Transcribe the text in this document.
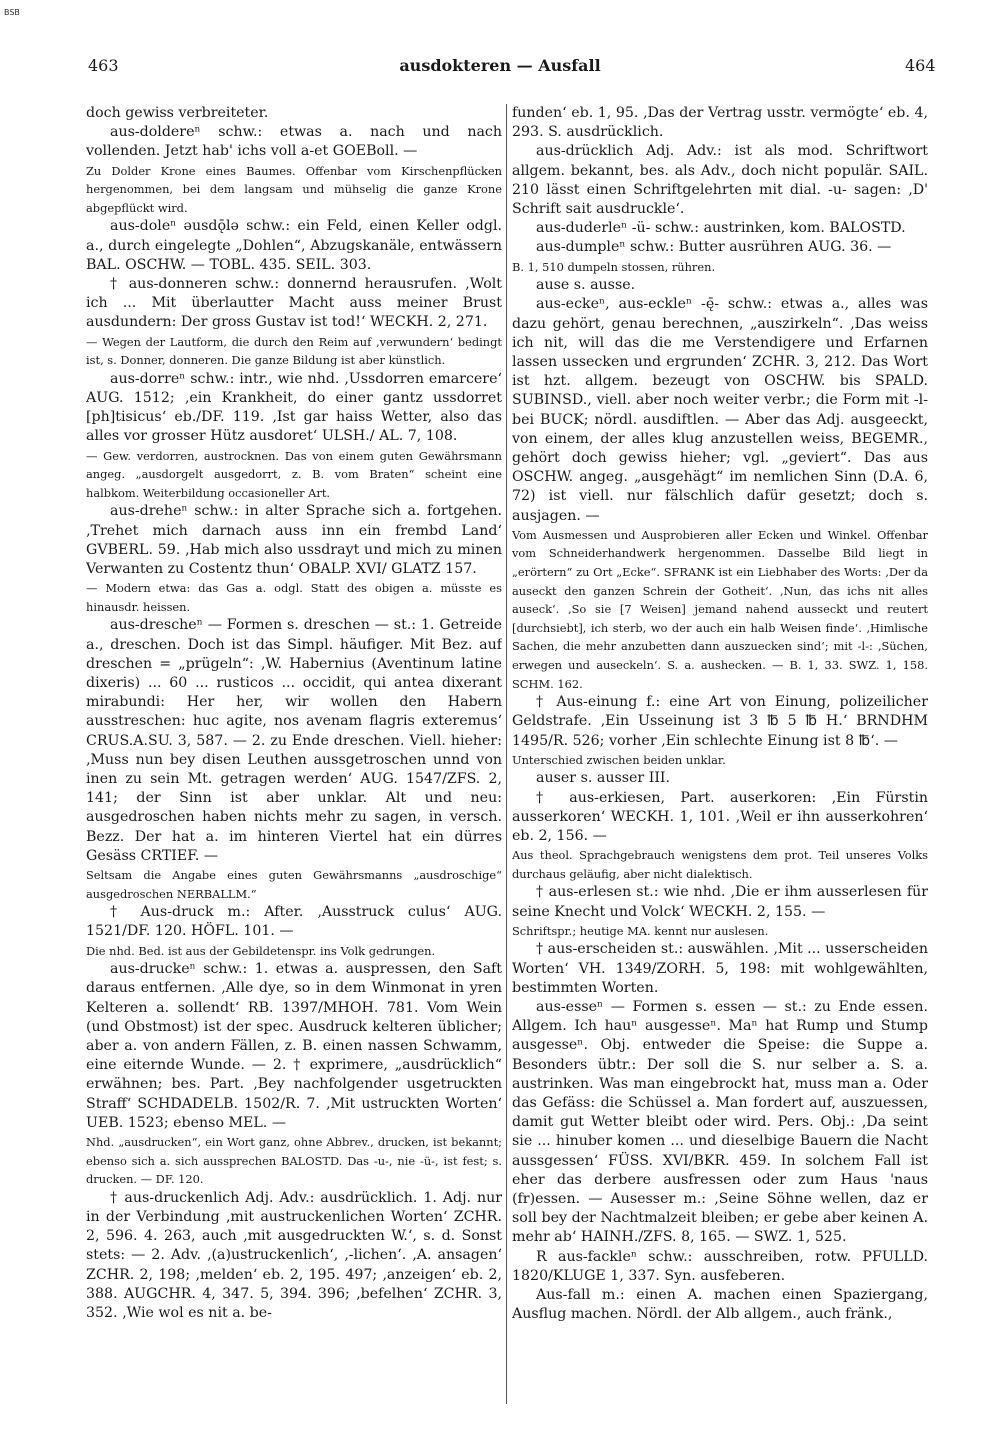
BSB
463	ausdokteren — Ausfall	464

doch gewiss verbreiteter.

aus-doldereⁿ schw.: etwas a. nach und nach vollenden. Jetzt hab' ichs voll a-et GOEBoll. —

Zu Dolder Krone eines Baumes. Offenbar vom Kirschenpflücken hergenommen, bei dem langsam und mühselig die ganze Krone abgepflückt wird.

aus-doleⁿ əusdǭlə schw.: ein Feld, einen Keller odgl. a., durch eingelegte „Dohlen“, Abzugskanäle, entwässern BAL. OSCHW. — TOBL. 435. SEIL. 303.

† aus-donneren schw.: donnernd herausrufen. ‚Wolt ich ... Mit überlautter Macht auss meiner Brust ausdundern: Der gross Gustav ist tod!‘ WECKH. 2, 271.

— Wegen der Lautform, die durch den Reim auf ‚verwundern‘ bedingt ist, s. Donner, donneren. Die ganze Bildung ist aber künstlich.

aus-dorreⁿ schw.: intr., wie nhd. ‚Ussdorren emarcere‘ AUG. 1512; ‚ein Krankheit, do einer gantz ussdorret [ph]tisicus‘ eb./DF. 119. ‚Ist gar haiss Wetter, also das alles vor grosser Hütz ausdoret‘ ULSH./ AL. 7, 108.

— Gew. verdorren, austrocknen. Das von einem guten Gewährsmann angeg. „ausdorgelt ausgedorrt, z. B. vom Braten“ scheint eine halbkom. Weiterbildung occasioneller Art.

aus-dreheⁿ schw.: in alter Sprache sich a. fortgehen. ‚Trehet mich darnach auss inn ein frembd Land‘ GVBERL. 59. ‚Hab mich also ussdrayt und mich zu minen Verwanten zu Costentz thun‘ OBALP. XVI/ GLATZ 157.

— Modern etwa: das Gas a. odgl. Statt des obigen a. müsste es hinausdr. heissen.

aus-drescheⁿ — Formen s. dreschen — st.: 1. Getreide a., dreschen. Doch ist das Simpl. häufiger. Mit Bez. auf dreschen = „prügeln“: ‚W. Habernius (Aventinum latine dixeris) ... 60 ... rusticos ... occidit, qui antea dixerant mirabundi: Her her, wir wollen den Habern ausstreschen: huc agite, nos avenam flagris exteremus‘ CRUS.A.SU. 3, 587. — 2. zu Ende dreschen. Viell. hieher: ‚Muss nun bey disen Leuthen aussgetroschen unnd von inen zu sein Mt. getragen werden‘ AUG. 1547/ZFS. 2, 141; der Sinn ist aber unklar. Alt und neu: ausgedroschen haben nichts mehr zu sagen, in versch. Bezz. Der hat a. im hinteren Viertel hat ein dürres Gesäss CRTIEF. —

Seltsam die Angabe eines guten Gewährsmanns „ausdroschige“ ausgedroschen NERBALLM.“

† Aus-druck m.: After. ‚Ausstruck culus‘ AUG. 1521/DF. 120. HÖFL. 101. —

Die nhd. Bed. ist aus der Gebildetenspr. ins Volk gedrungen.

aus-druckeⁿ schw.: 1. etwas a. auspressen, den Saft daraus entfernen. ‚Alle dye, so in dem Winmonat in yren Kelteren a. sollendt‘ RB. 1397/MHOH. 781. Vom Wein (und Obstmost) ist der spec. Ausdruck kelteren üblicher; aber a. von andern Fällen, z. B. einen nassen Schwamm, eine eiternde Wunde. — 2. † exprimere, „ausdrücklich“ erwähnen; bes. Part. ‚Bey nachfolgender usgetruckten Straff‘ SCHDADELB. 1502/R. 7. ‚Mit ustruckten Worten‘ UEB. 1523; ebenso MEL. —

Nhd. „ausdrucken“, ein Wort ganz, ohne Abbrev., drucken, ist bekannt; ebenso sich a. sich aussprechen BALOSTD. Das -u-, nie -ü-, ist fest; s. drucken. — DF. 120.

† aus-druckenlich Adj. Adv.: ausdrücklich. 1. Adj. nur in der Verbindung ‚mit austruckenlichen Worten‘ ZCHR. 2, 596. 4. 263, auch ‚mit ausgedruckten W.‘, s. d. Sonst stets: — 2. Adv. ‚(a)ustruckenlich‘, ‚-lichen‘. ‚A. ansagen‘ ZCHR. 2, 198; ‚melden‘ eb. 2, 195. 497; ‚anzeigen‘ eb. 2, 388. AUGCHR. 4, 347. 5, 394. 396; ‚befelhen‘ ZCHR. 3, 352. ‚Wie wol es nit a. be-

funden‘ eb. 1, 95. ‚Das der Vertrag usstr. vermögte‘ eb. 4, 293. S. ausdrücklich.

aus-drücklich Adj. Adv.: ist als mod. Schriftwort allgem. bekannt, bes. als Adv., doch nicht populär. SAIL. 210 lässt einen Schriftgelehrten mit dial. -u- sagen: ‚D' Schrift sait ausdruckle‘.

aus-duderleⁿ -ü- schw.: austrinken, kom. BALOSTD.

aus-dumpleⁿ schw.: Butter ausrühren AUG. 36. —

B. 1, 510 dumpeln stossen, rühren.

ause s. ausse.

aus-eckeⁿ, aus-eckleⁿ -ę̄- schw.: etwas a., alles was dazu gehört, genau berechnen, „auszirkeln“. ‚Das weiss ich nit, will das die me Verstendigere und Erfarnen lassen ussecken und ergrunden‘ ZCHR. 3, 212. Das Wort ist hzt. allgem. bezeugt von OSCHW. bis SPALD. SUBINSD., viell. aber noch weiter verbr.; die Form mit -l- bei BUCK; nördl. ausdiftlen. — Aber das Adj. ausgeeckt, von einem, der alles klug anzustellen weiss, BEGEMR., gehört doch gewiss hieher; vgl. „geviert“. Das aus OSCHW. angeg. „ausgehägt“ im nemlichen Sinn (D.A. 6, 72) ist viell. nur fälschlich dafür gesetzt; doch s. ausjagen. —

Vom Ausmessen und Ausprobieren aller Ecken und Winkel. Offenbar vom Schneiderhandwerk hergenommen. Dasselbe Bild liegt in „erörtern“ zu Ort „Ecke“. SFRANK ist ein Liebhaber des Worts: ‚Der da auseckt den ganzen Schrein der Gotheit‘. ‚Nun, das ichs nit alles auseck‘. ‚So sie [7 Weisen] jemand nahend ausseckt und reutert [durchsiebt], ich sterb, wo der auch ein halb Weisen finde‘. ‚Himlische Sachen, die mehr anzubetten dann auszuecken sind‘; mit -l-: ‚Süchen, erwegen und auseckeln‘. S. a. aushecken. — B. 1, 33. SWZ. 1, 158. SCHM. 162.

† Aus-einung f.: eine Art von Einung, polizeilicher Geldstrafe. ‚Ein Usseinung ist 3 ℔ 5 ℔ H.‘ BRNDHM 1495/R. 526; vorher ‚Ein schlechte Einung ist 8 ℔‘. —

Unterschied zwischen beiden unklar.

auser s. ausser III.

† aus-erkiesen, Part. auserkoren: ‚Ein Fürstin ausserkoren‘ WECKH. 1, 101. ‚Weil er ihn ausserkohren‘ eb. 2, 156. —

Aus theol. Sprachgebrauch wenigstens dem prot. Teil unseres Volks durchaus geläufig, aber nicht dialektisch.

† aus-erlesen st.: wie nhd. ‚Die er ihm ausserlesen für seine Knecht und Volck‘ WECKH. 2, 155. —

Schriftspr.; heutige MA. kennt nur auslesen.

† aus-erscheiden st.: auswählen. ‚Mit ... usserscheiden Worten‘ VH. 1349/ZORH. 5, 198: mit wohlgewählten, bestimmten Worten.

aus-esseⁿ — Formen s. essen — st.: zu Ende essen. Allgem. Ich hauⁿ ausgesseⁿ. Maⁿ hat Rump und Stump ausgesseⁿ. Obj. entweder die Speise: die Suppe a. Besonders übtr.: Der soll die S. nur selber a. S. a. austrinken. Was man eingebrockt hat, muss man a. Oder das Gefäss: die Schüssel a. Man fordert auf, auszuessen, damit gut Wetter bleibt oder wird. Pers. Obj.: ‚Da seint sie ... hinuber komen ... und dieselbige Bauern die Nacht aussgessen‘ FÜSS. XVI/BKR. 459. In solchem Fall ist eher das derbere ausfressen oder zum Haus 'naus (fr)essen. — Ausesser m.: ‚Seine Söhne wellen, daz er soll bey der Nachtmalzeit bleiben; er gebe aber keinen A. mehr ab‘ HAINH./ZFS. 8, 165. — SWZ. 1, 525.

R aus-fackleⁿ schw.: ausschreiben, rotw. PFULLD. 1820/KLUGE 1, 337. Syn. ausfeberen.

Aus-fall m.: einen A. machen einen Spaziergang, Ausflug machen. Nördl. der Alb allgem., auch fränk.,
